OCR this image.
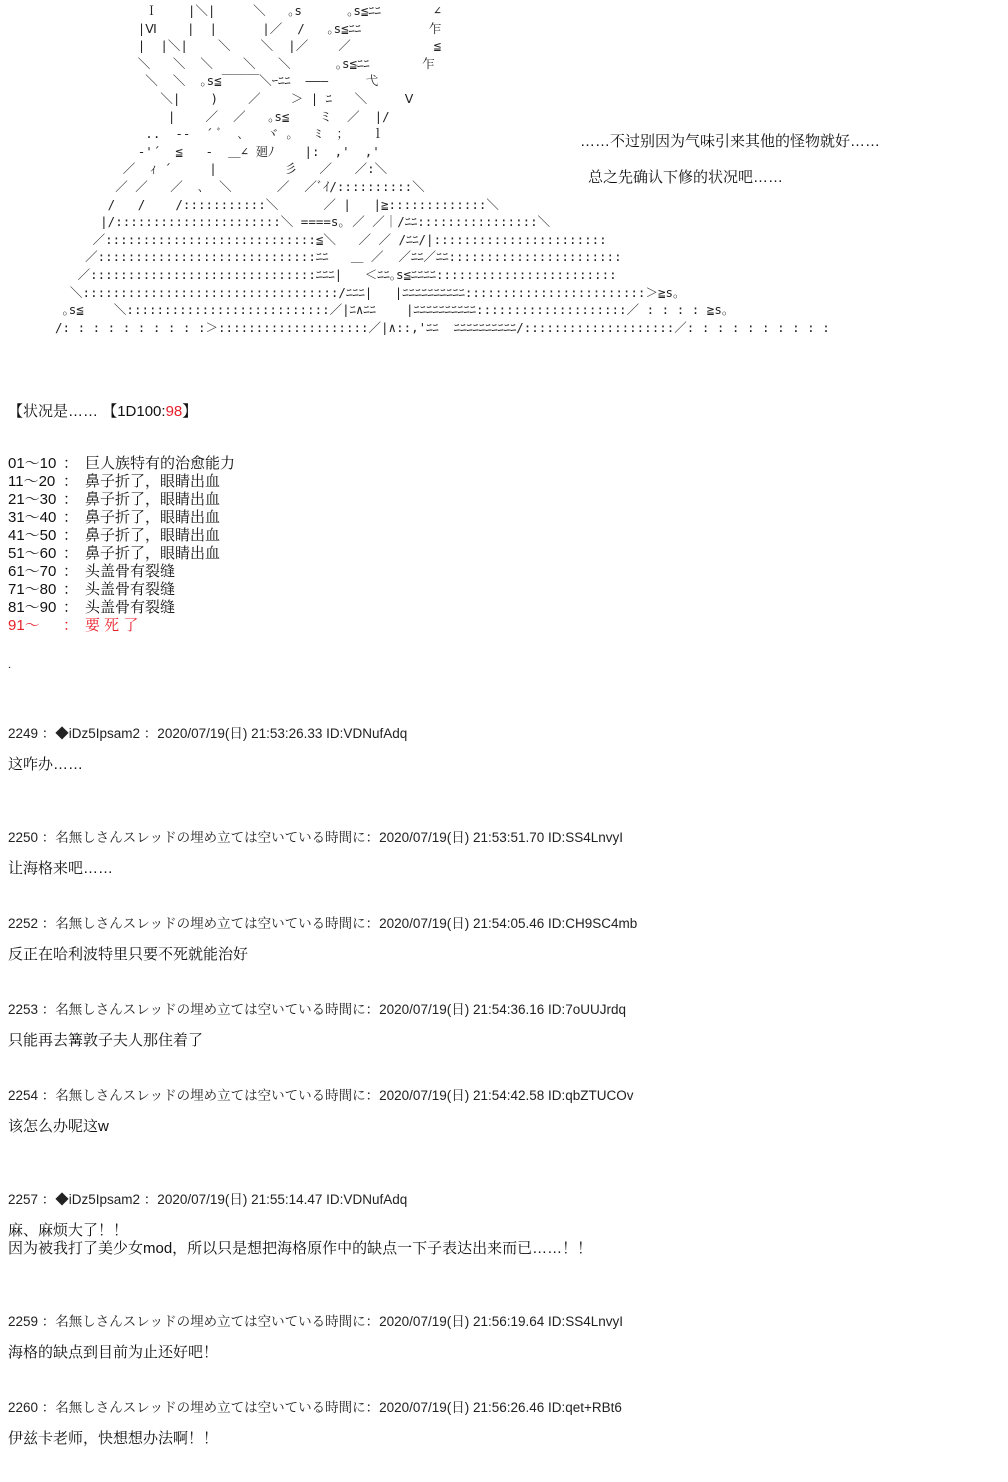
Ｉ    |＼|     ＼   ｡s      ｡s≦ﾆﾆ       ∠
|Ⅵ    |  |      |／  /   ｡s≦ﾆﾆ         乍
|  |＼|    ＼    ＼  |／    ／           ≦
＼   ＼  ＼    ＼   ＼      ｡s≦ﾆﾆ       乍
＼  ＼  ｡s≦￣￣￣＼ｰﾆﾆ  ―――     弋
＼|    )    ／    ＞ | ﾆ   ＼     Ⅴ
|    ／  ／   ｡s≦    ミ  ／  |/
..  ‐‐  ´ ﾞ  ､   ヾ ｡   ﾐ  ；   ｌ
‐'´  ≦   ‐  ＿∠ 廻ﾉ    |:  ,'  ,'
／  ｨ ´     |         彡   ／   ／:＼
／ ／   ／  ､  ＼      ／  ／ﾞｲ/::::::::::＼
/   /    /:::::::::::＼      ／ |   |≧:::::::::::::＼
|/::::::::::::::::::::::＼ ====s｡ ／ ／｜/ﾆﾆ::::::::::::::::＼
／::::::::::::::::::::::::::::≦＼   ／ ／ /ﾆﾆ/|:::::::::::::::::::::::
／:::::::::::::::::::::::::::::ﾆﾆ   ＿ ／  ／ﾆﾆ／ﾆﾆ:::::::::::::::::::::::
／::::::::::::::::::::::::::::::ﾆﾆﾆ|   ＜ﾆﾆ｡s≦ﾆﾆﾆﾆ::::::::::::::::::::::::
＼::::::::::::::::::::::::::::::::::/ﾆﾆﾆ|   |ﾆﾆﾆﾆﾆﾆﾆﾆﾆﾆ::::::::::::::::::::::::＞≧s｡
｡s≦    ＼:::::::::::::::::::::::::::／|ﾆ∧ﾆﾆ    |ﾆﾆﾆﾆﾆﾆﾆﾆﾆﾆ::::::::::::::::::::／ : : : : ≧s｡
/: : : : : : : : : :＞::::::::::::::::::::／|∧::,'ﾆﾆ  ﾆﾆﾆﾆﾆﾆﾆﾆﾆﾆ/::::::::::::::::::::／: : : : : : : : : :
……不过别因为气味引来其他的怪物就好……
总之先确认下修的状况吧……
【状况是…… 【1D100:98】
01～10 ： 巨人族特有的治愈能力
11～20 ： 鼻子折了，眼睛出血
21～30 ： 鼻子折了，眼睛出血
31～40 ： 鼻子折了，眼睛出血
41～50 ： 鼻子折了，眼睛出血
51～60 ： 鼻子折了，眼睛出血
61～70 ： 头盖骨有裂缝
71～80 ： 头盖骨有裂缝
81～90 ： 头盖骨有裂缝
91～	： 要 死 了
．
2249 ：◆iDz5Ipsam2 ：2020/07/19(日) 21:53:26.33 ID:VDNufAdq
这咋办……
2250 ：名無しさんスレッドの埋め立ては空いている時間に：2020/07/19(日) 21:53:51.70 ID:SS4LnvyI
让海格来吧……
2252 ：名無しさんスレッドの埋め立ては空いている時間に：2020/07/19(日) 21:54:05.46 ID:CH9SC4mb
反正在哈利波特里只要不死就能治好
2253 ：名無しさんスレッドの埋め立ては空いている時間に：2020/07/19(日) 21:54:36.16 ID:7oUUJrdq
只能再去篝敦子夫人那住着了
2254 ：名無しさんスレッドの埋め立ては空いている時間に：2020/07/19(日) 21:54:42.58 ID:qbZTUCOv
该怎么办呢这w
2257 ：◆iDz5Ipsam2 ：2020/07/19(日) 21:55:14.47 ID:VDNufAdq
麻、麻烦大了！！
因为被我打了美少女mod，所以只是想把海格原作中的缺点一下子表达出来而已……！！
2259 ：名無しさんスレッドの埋め立ては空いている時間に：2020/07/19(日) 21:56:19.64 ID:SS4LnvyI
海格的缺点到目前为止还好吧！
2260 ：名無しさんスレッドの埋め立ては空いている時間に：2020/07/19(日) 21:56:26.46 ID:qet+RBt6
伊兹卡老师，快想想办法啊！！
